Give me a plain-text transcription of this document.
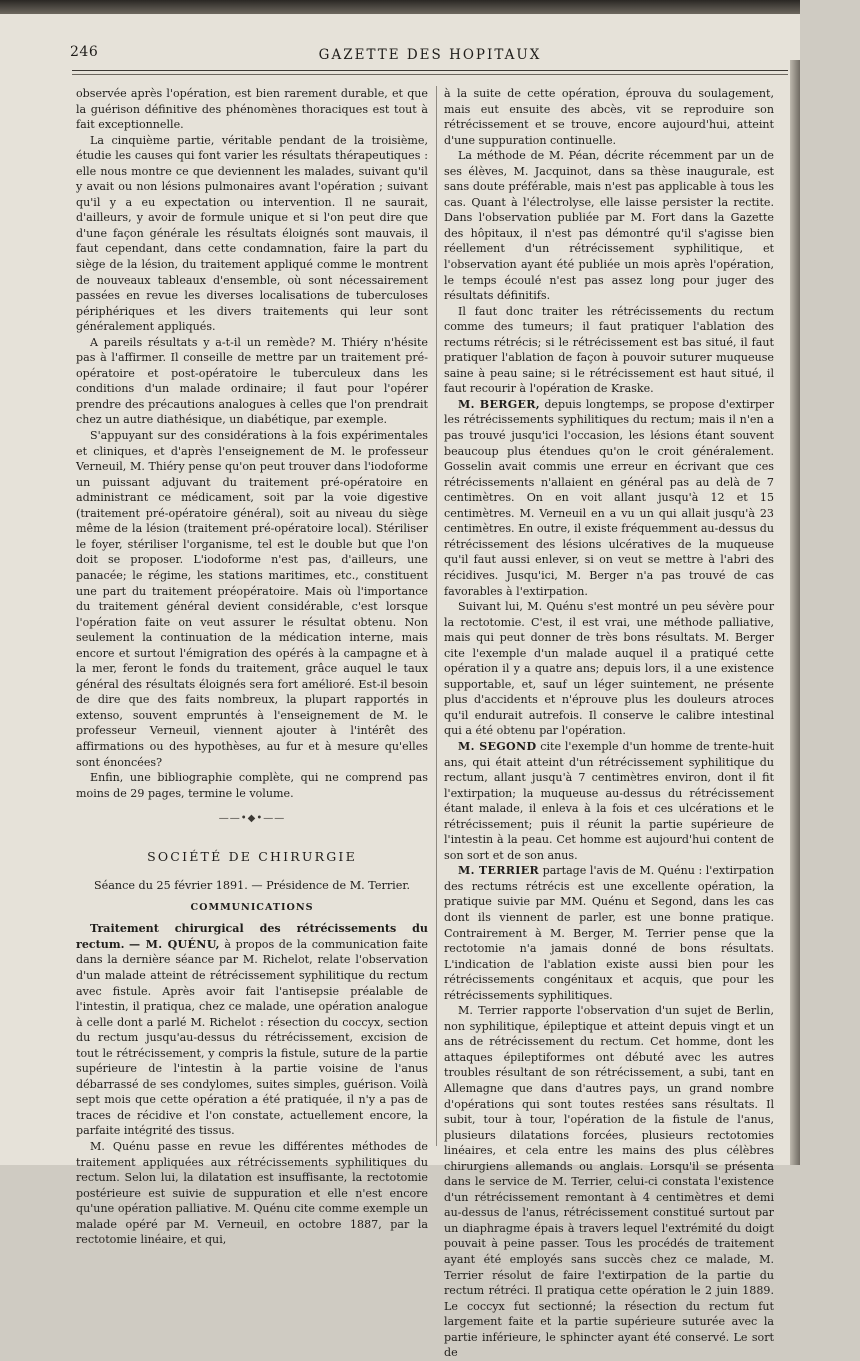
246	GAZETTE DES HOPITAUX

observée après l'opération, est bien rarement durable, et que la guérison définitive des phénomènes thoraciques est tout à fait exceptionnelle.

La cinquième partie, véritable pendant de la troisième, étudie les causes qui font varier les résultats thérapeutiques : elle nous montre ce que deviennent les malades, suivant qu'il y avait ou non lésions pulmonaires avant l'opération ; suivant qu'il y a eu expectation ou intervention. Il ne saurait, d'ailleurs, y avoir de formule unique et si l'on peut dire que d'une façon générale les résultats éloignés sont mauvais, il faut cependant, dans cette condamnation, faire la part du siège de la lésion, du traitement appliqué comme le montrent de nouveaux tableaux d'ensemble, où sont nécessairement passées en revue les diverses localisations de tuberculoses périphériques et les divers traitements qui leur sont généralement appliqués.

A pareils résultats y a-t-il un remède? M. Thiéry n'hésite pas à l'affirmer. Il conseille de mettre par un traitement pré-opératoire et post-opératoire le tuberculeux dans les conditions d'un malade ordinaire; il faut pour l'opérer prendre des précautions analogues à celles que l'on prendrait chez un autre diathésique, un diabétique, par exemple.

S'appuyant sur des considérations à la fois expérimentales et cliniques, et d'après l'enseignement de M. le professeur Verneuil, M. Thiéry pense qu'on peut trouver dans l'iodoforme un puissant adjuvant du traitement pré-opératoire en administrant ce médicament, soit par la voie digestive (traitement pré-opératoire général), soit au niveau du siège même de la lésion (traitement pré-opératoire local). Stériliser le foyer, stériliser l'organisme, tel est le double but que l'on doit se proposer. L'iodoforme n'est pas, d'ailleurs, une panacée; le régime, les stations maritimes, etc., constituent une part du traitement préopératoire. Mais où l'importance du traitement général devient considérable, c'est lorsque l'opération faite on veut assurer le résultat obtenu. Non seulement la continuation de la médication interne, mais encore et surtout l'émigration des opérés à la campagne et à la mer, feront le fonds du traitement, grâce auquel le taux général des résultats éloignés sera fort amélioré. Est-il besoin de dire que des faits nombreux, la plupart rapportés in extenso, souvent empruntés à l'enseignement de M. le professeur Verneuil, viennent ajouter à l'intérêt des affirmations ou des hypothèses, au fur et à mesure qu'elles sont énoncées?

Enfin, une bibliographie complète, qui ne comprend pas moins de 29 pages, termine le volume.

——•◆•——
SOCIÉTÉ DE CHIRURGIE
Séance du 25 février 1891. — Présidence de M. Terrier.
COMMUNICATIONS

Traitement chirurgical des rétrécissements du rectum. — M. QUÉNU, à propos de la communication faite dans la dernière séance par M. Richelot, relate l'observation d'un malade atteint de rétrécissement syphilitique du rectum avec fistule. Après avoir fait l'antisepsie préalable de l'intestin, il pratiqua, chez ce malade, une opération analogue à celle dont a parlé M. Richelot : résection du coccyx, section du rectum jusqu'au-dessus du rétrécissement, excision de tout le rétrécissement, y compris la fistule, suture de la partie supérieure de l'intestin à la partie voisine de l'anus débarrassé de ses condylomes, suites simples, guérison. Voilà sept mois que cette opération a été pratiquée, il n'y a pas de traces de récidive et l'on constate, actuellement encore, la parfaite intégrité des tissus.

M. Quénu passe en revue les différentes méthodes de traitement appliquées aux rétrécissements syphilitiques du rectum. Selon lui, la dilatation est insuffisante, la rectotomie postérieure est suivie de suppuration et elle n'est encore qu'une opération palliative. M. Quénu cite comme exemple un malade opéré par M. Verneuil, en octobre 1887, par la rectotomie linéaire, et qui,

à la suite de cette opération, éprouva du soulagement, mais eut ensuite des abcès, vit se reproduire son rétrécissement et se trouve, encore aujourd'hui, atteint d'une suppuration continuelle.

La méthode de M. Péan, décrite récemment par un de ses élèves, M. Jacquinot, dans sa thèse inaugurale, est sans doute préférable, mais n'est pas applicable à tous les cas. Quant à l'électrolyse, elle laisse persister la rectite. Dans l'observation publiée par M. Fort dans la Gazette des hôpitaux, il n'est pas démontré qu'il s'agisse bien réellement d'un rétrécissement syphilitique, et l'observation ayant été publiée un mois après l'opération, le temps écoulé n'est pas assez long pour juger des résultats définitifs.

Il faut donc traiter les rétrécissements du rectum comme des tumeurs; il faut pratiquer l'ablation des rectums rétrécis; si le rétrécissement est bas situé, il faut pratiquer l'ablation de façon à pouvoir suturer muqueuse saine à peau saine; si le rétrécissement est haut situé, il faut recourir à l'opération de Kraske.

M. BERGER, depuis longtemps, se propose d'extirper les rétrécissements syphilitiques du rectum; mais il n'en a pas trouvé jusqu'ici l'occasion, les lésions étant souvent beaucoup plus étendues qu'on le croit généralement. Gosselin avait commis une erreur en écrivant que ces rétrécissements n'allaient en général pas au delà de 7 centimètres. On en voit allant jusqu'à 12 et 15 centimètres. M. Verneuil en a vu un qui allait jusqu'à 23 centimètres. En outre, il existe fréquemment au-dessus du rétrécissement des lésions ulcératives de la muqueuse qu'il faut aussi enlever, si on veut se mettre à l'abri des récidives. Jusqu'ici, M. Berger n'a pas trouvé de cas favorables à l'extirpation.

Suivant lui, M. Quénu s'est montré un peu sévère pour la rectotomie. C'est, il est vrai, une méthode palliative, mais qui peut donner de très bons résultats. M. Berger cite l'exemple d'un malade auquel il a pratiqué cette opération il y a quatre ans; depuis lors, il a une existence supportable, et, sauf un léger suintement, ne présente plus d'accidents et n'éprouve plus les douleurs atroces qu'il endurait autrefois. Il conserve le calibre intestinal qui a été obtenu par l'opération.

M. SEGOND cite l'exemple d'un homme de trente-huit ans, qui était atteint d'un rétrécissement syphilitique du rectum, allant jusqu'à 7 centimètres environ, dont il fit l'extirpation; la muqueuse au-dessus du rétrécissement étant malade, il enleva à la fois et ces ulcérations et le rétrécissement; puis il réunit la partie supérieure de l'intestin à la peau. Cet homme est aujourd'hui content de son sort et de son anus.

M. TERRIER partage l'avis de M. Quénu : l'extirpation des rectums rétrécis est une excellente opération, la pratique suivie par MM. Quénu et Segond, dans les cas dont ils viennent de parler, est une bonne pratique. Contrairement à M. Berger, M. Terrier pense que la rectotomie n'a jamais donné de bons résultats. L'indication de l'ablation existe aussi bien pour les rétrécissements congénitaux et acquis, que pour les rétrécissements syphilitiques.

M. Terrier rapporte l'observation d'un sujet de Berlin, non syphilitique, épileptique et atteint depuis vingt et un ans de rétrécissement du rectum. Cet homme, dont les attaques épileptiformes ont débuté avec les autres troubles résultant de son rétrécissement, a subi, tant en Allemagne que dans d'autres pays, un grand nombre d'opérations qui sont toutes restées sans résultats. Il subit, tour à tour, l'opération de la fistule de l'anus, plusieurs dilatations forcées, plusieurs rectotomies linéaires, et cela entre les mains des plus célèbres chirurgiens allemands ou anglais. Lorsqu'il se présenta dans le service de M. Terrier, celui-ci constata l'existence d'un rétrécissement remontant à 4 centimètres et demi au-dessus de l'anus, rétrécissement constitué surtout par un diaphragme épais à travers lequel l'extrémité du doigt pouvait à peine passer. Tous les procédés de traitement ayant été employés sans succès chez ce malade, M. Terrier résolut de faire l'extirpation de la partie du rectum rétréci. Il pratiqua cette opération le 2 juin 1889. Le coccyx fut sectionné; la résection du rectum fut largement faite et la partie supérieure suturée avec la partie inférieure, le sphincter ayant été conservé. Le sort de
